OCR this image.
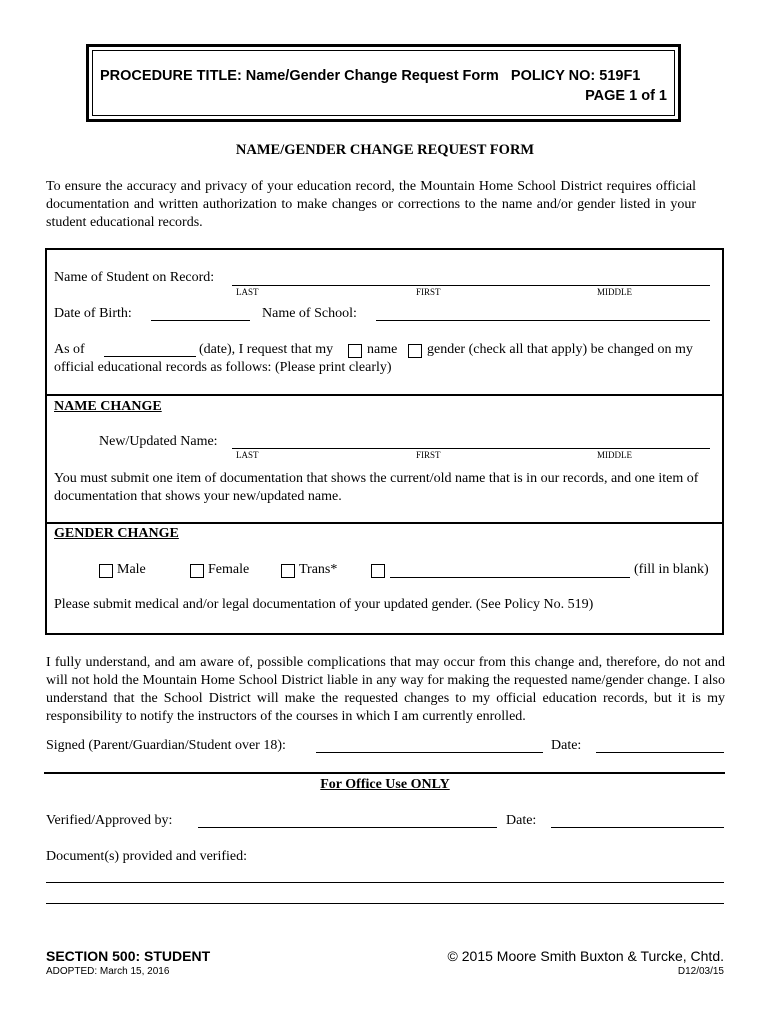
PROCEDURE TITLE: Name/Gender Change Request Form POLICY NO: 519F1
PAGE 1 of 1
NAME/GENDER CHANGE REQUEST FORM
To ensure the accuracy and privacy of your education record, the Mountain Home School District requires official documentation and written authorization to make changes or corrections to the name and/or gender listed in your student educational records.
Name of Student on Record:
LAST	FIRST	MIDDLE
Date of Birth:	Name of School:
As of	(date), I request that my name gender (check all that apply) be changed on my
official educational records as follows: (Please print clearly)
NAME CHANGE
New/Updated Name:
LAST	FIRST	MIDDLE
You must submit one item of documentation that shows the current/old name that is in our records, and one item of documentation that shows your new/updated name.
GENDER CHANGE
Male	Female	Trans*	(fill in blank)
Please submit medical and/or legal documentation of your updated gender. (See Policy No. 519)
I fully understand, and am aware of, possible complications that may occur from this change and, therefore, do not and will not hold the Mountain Home School District liable in any way for making the requested name/gender change. I also understand that the School District will make the requested changes to my official education records, but it is my responsibility to notify the instructors of the courses in which I am currently enrolled.
Signed (Parent/Guardian/Student over 18):	Date:
For Office Use ONLY
Verified/Approved by:	Date:
Document(s) provided and verified:
SECTION 500: STUDENT	© 2015 Moore Smith Buxton & Turcke, Chtd.
ADOPTED: March 15, 2016	D12/03/15
